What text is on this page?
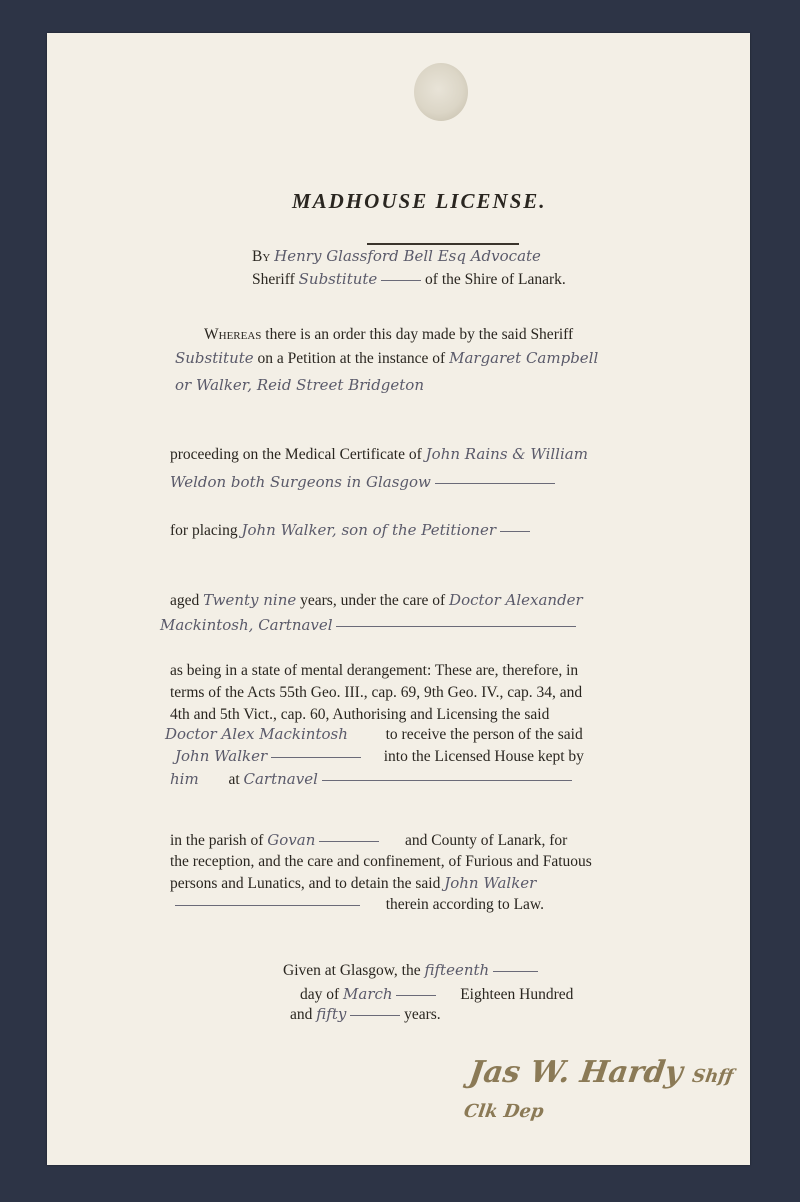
MADHOUSE LICENSE.
By Henry Glassford Bell Esq Advocate
Sheriff Substitute	of the Shire of Lanark.
Whereas there is an order this day made by the said Sheriff
Substitute on a Petition at the instance of Margaret Campbell
or Walker, Reid Street Bridgeton
proceeding on the Medical Certificate of John Rains & William
Weldon both Surgeons in Glasgow
for placing John Walker, son of the Petitioner
aged Twenty nine years, under the care of Doctor Alexander
Mackintosh, Cartnavel
as being in a state of mental derangement: These are, therefore, in
terms of the Acts 55th Geo. III., cap. 69, 9th Geo. IV., cap. 34, and
4th and 5th Vict., cap. 60, Authorising and Licensing the said
Doctor Alex Mackintosh to receive the person of the said
John Walker	into the Licensed House kept by
him at Cartnavel
in the parish of Govan	and County of Lanark, for
the reception, and the care and confinement, of Furious and Fatuous
persons and Lunatics, and to detain the said John Walker
therein according to Law.
Given at Glasgow, the fifteenth
day of March	Eighteen Hundred
and fifty	years.
Jas W. Hardy Shff Clk Dep
